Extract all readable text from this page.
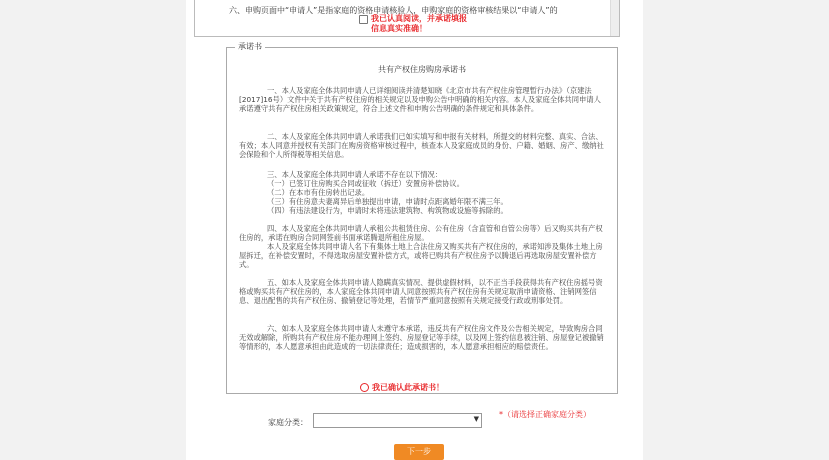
六、申购页面中“申请人”是指家庭的资格申请核验人，申购家庭的资格审核结果以“申请人”的
我已认真阅读，并承诺填报信息真实准确！
承诺书
共有产权住房购房承诺书
一、本人及家庭全体共同申请人已详细阅读并清楚知晓《北京市共有产权住房管理暂行办法》（京建法[2017]16号）文件中关于共有产权住房的相关规定以及申购公告中明确的相关内容。本人及家庭全体共同申请人承诺遵守共有产权住房相关政策规定，符合上述文件和申购公告明确的条件规定和具体条件。
二、本人及家庭全体共同申请人承诺我们已如实填写和申报有关材料，所提交的材料完整、真实、合法、有效；本人同意并授权有关部门在购房资格审核过程中，核查本人及家庭成员的身份、户籍、婚姻、房产、缴纳社会保险和个人所得税等相关信息。
三、本人及家庭全体共同申请人承诺不存在以下情况：
（一）已签订住房购买合同或征收（拆迁）安置房补偿协议。
（二）在本市有住房转出记录。
（三）有住房意夫妻离异后单独提出申请，申请时点距离婚年限不满三年。
（四）有违法建设行为，申请时未将违法建筑物、构筑物或设施等拆除的。
四、本人及家庭全体共同申请人承租公共租赁住房、公有住房（含直管和自管公房等）后又购买共有产权住房的，承诺在购房合同网签前书面承诺腾退所租住房屋。
本人及家庭全体共同申请人名下有集体土地上合法住房又购买共有产权住房的，承诺知涉及集体土地上房屋拆迁，在补偿安置时，不得选取房屋安置补偿方式，或将已购共有产权住房予以腾退后再选取房屋安置补偿方式。
五、如本人及家庭全体共同申请人隐瞒真实情况、提供虚假材料，以不正当手段获得共有产权住房摇号资格或购买共有产权住房的，本人家庭全体共同申请人同意按照共有产权住房有关规定取消申请资格、注销网签信息、退出配售的共有产权住房、撤销登记等处理，若情节严重同意按照有关规定接受行政或刑事处罚。
六、如本人及家庭全体共同申请人未遵守本承诺，违反共有产权住房文件及公告相关规定，导致购房合同无效或解除，所购共有产权住房不能办理网上签约、房屋登记等手续，以及网上签约信息被注销、房屋登记被撤销等情形的，本人愿意承担由此造成的一切法律责任；造成损害的，本人愿意承担相应的赔偿责任。
我已确认此承诺书！
家庭分类：	▼	*（请选择正确家庭分类）
下一步
